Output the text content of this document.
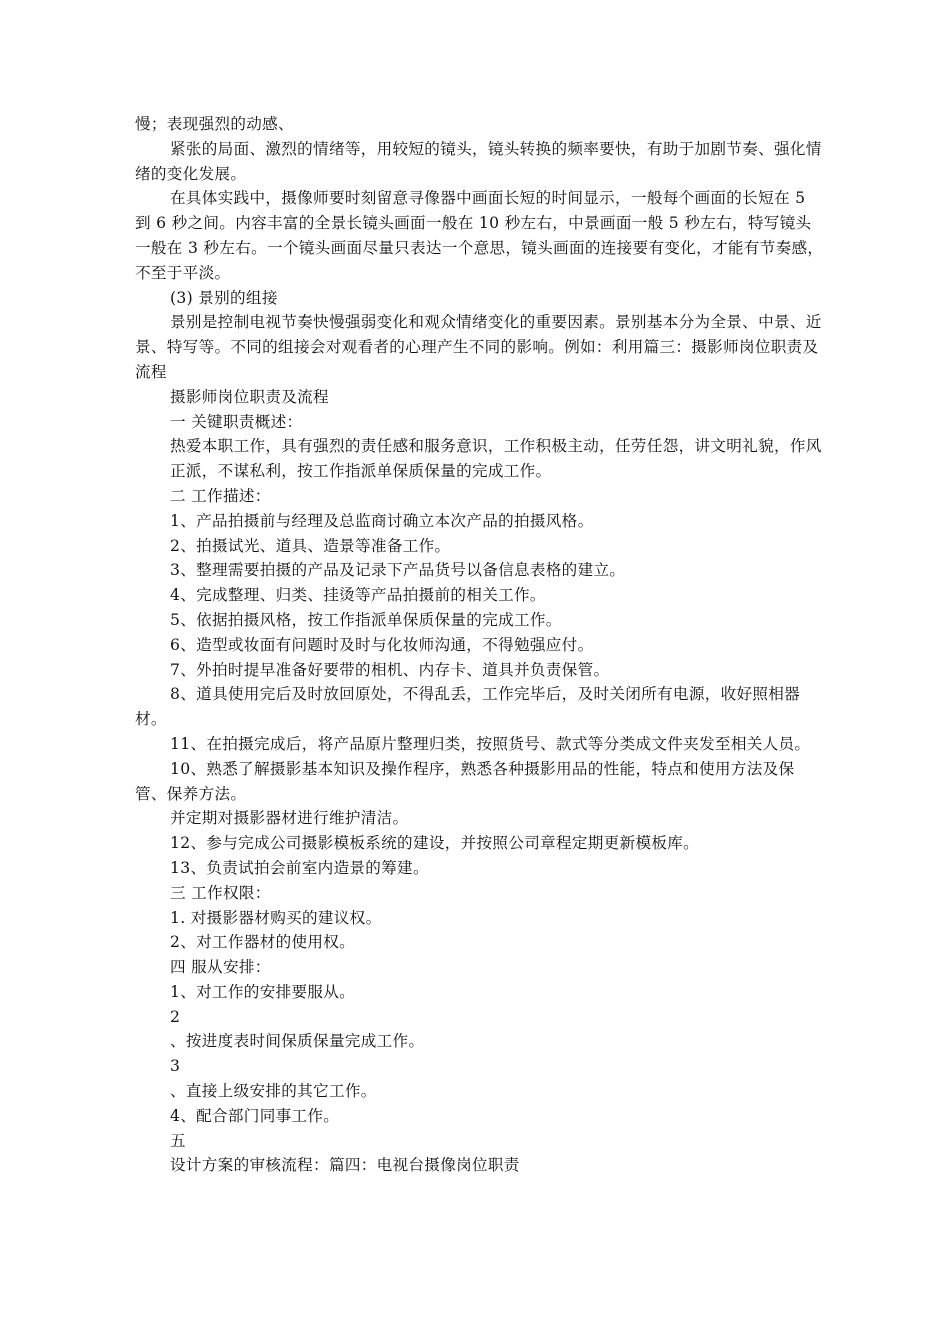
慢；表现强烈的动感、

紧张的局面、激烈的情绪等，用较短的镜头，镜头转换的频率要快，有助于加剧节奏、强化情绪的变化发展。

在具体实践中，摄像师要时刻留意寻像器中画面长短的时间显示，一般每个画面的长短在 5 到 6 秒之间。内容丰富的全景长镜头画面一般在 10 秒左右，中景画面一般 5 秒左右，特写镜头一般在 3 秒左右。一个镜头画面尽量只表达一个意思，镜头画面的连接要有变化，才能有节奏感，不至于平淡。

(3) 景别的组接

景别是控制电视节奏快慢强弱变化和观众情绪变化的重要因素。景别基本分为全景、中景、近景、特写等。不同的组接会对观看者的心理产生不同的影响。例如：利用篇三：摄影师岗位职责及流程

摄影师岗位职责及流程

一 关键职责概述：

热爱本职工作，具有强烈的责任感和服务意识，工作积极主动，任劳任怨，讲文明礼貌，作风正派，不谋私利，按工作指派单保质保量的完成工作。

二 工作描述：

1、产品拍摄前与经理及总监商讨确立本次产品的拍摄风格。

2、拍摄试光、道具、造景等准备工作。

3、整理需要拍摄的产品及记录下产品货号以备信息表格的建立。

4、完成整理、归类、挂烫等产品拍摄前的相关工作。

5、依据拍摄风格，按工作指派单保质保量的完成工作。

6、造型或妆面有问题时及时与化妆师沟通，不得勉强应付。

7、外拍时提早准备好要带的相机、内存卡、道具并负责保管。

8、道具使用完后及时放回原处，不得乱丢，工作完毕后，及时关闭所有电源，收好照相器材。

11、在拍摄完成后，将产品原片整理归类，按照货号、款式等分类成文件夹发至相关人员。

10、熟悉了解摄影基本知识及操作程序，熟悉各种摄影用品的性能，特点和使用方法及保管、保养方法。

并定期对摄影器材进行维护清洁。

12、参与完成公司摄影模板系统的建设，并按照公司章程定期更新模板库。

13、负责试拍会前室内造景的筹建。

三 工作权限：

1. 对摄影器材购买的建议权。

2、对工作器材的使用权。

四 服从安排：

1、对工作的安排要服从。

2

、按进度表时间保质保量完成工作。

3

、直接上级安排的其它工作。

4、配合部门同事工作。

五

设计方案的审核流程：篇四：电视台摄像岗位职责
